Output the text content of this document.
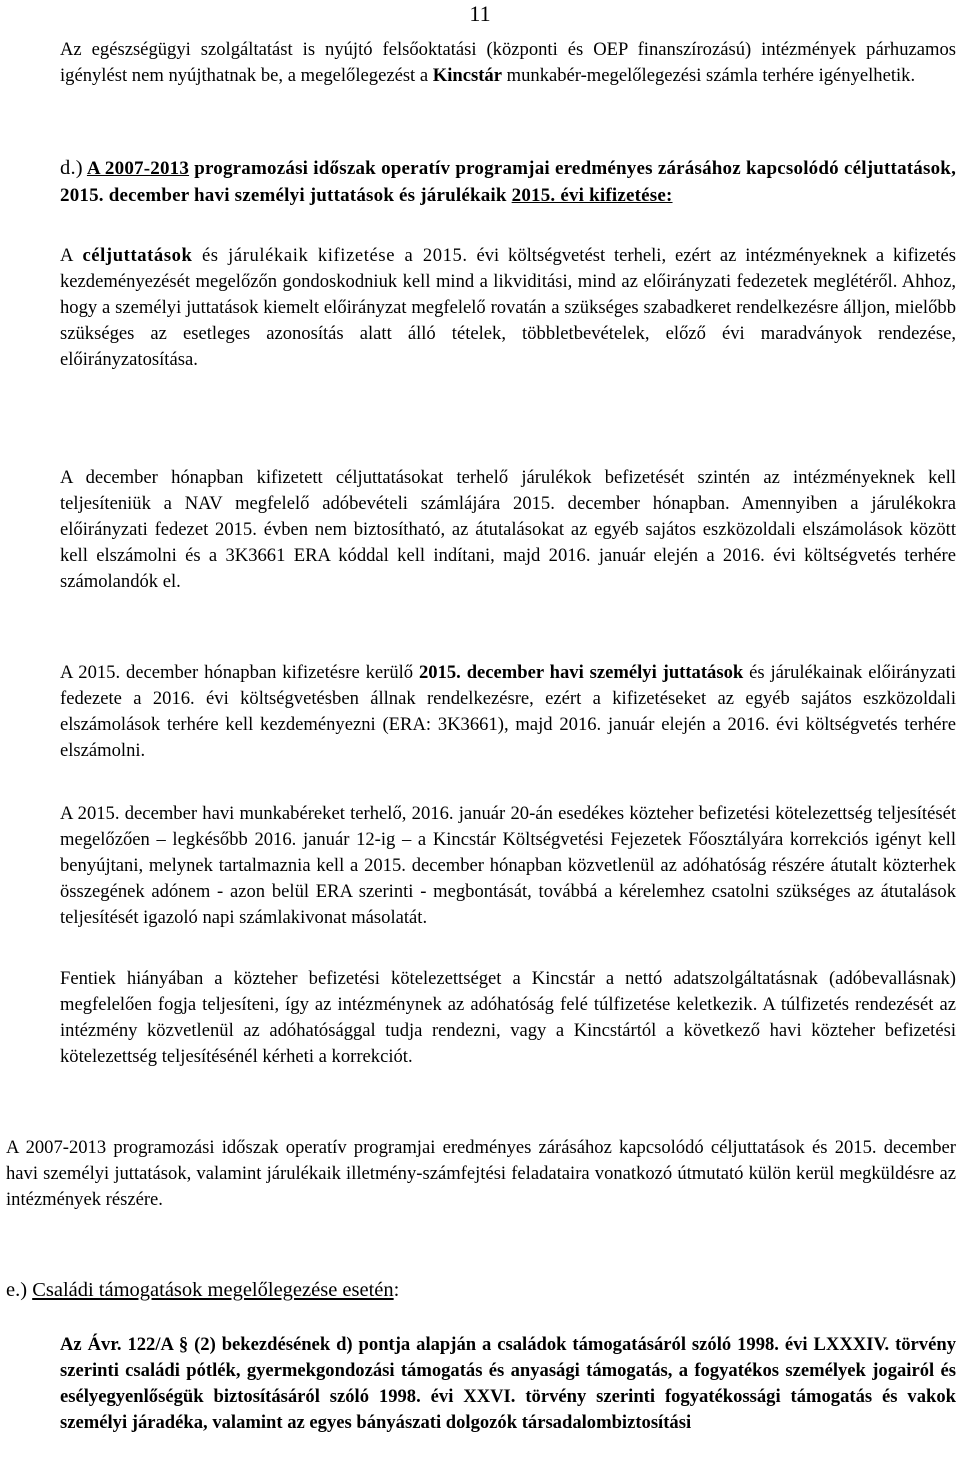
11

Az egészségügyi szolgáltatást is nyújtó felsőoktatási (központi és OEP finanszírozású) intézmények párhuzamos igénylést nem nyújthatnak be, a megelőlegezést a Kincstár munkabér-megelőlegezési számla terhére igényelhetik.

d.) A 2007-2013 programozási időszak operatív programjai eredményes zárásához kapcsolódó céljuttatások, 2015. december havi személyi juttatások és járulékaik 2015. évi kifizetése:

A céljuttatások és járulékaik kifizetése a 2015. évi költségvetést terheli, ezért az intézményeknek a kifizetés kezdeményezését megelőzőn gondoskodniuk kell mind a likviditási, mind az előirányzati fedezetek meglétéről. Ahhoz, hogy a személyi juttatások kiemelt előirányzat megfelelő rovatán a szükséges szabadkeret rendelkezésre álljon, mielőbb szükséges az esetleges azonosítás alatt álló tételek, többletbevételek, előző évi maradványok rendezése, előirányzatosítása.

A december hónapban kifizetett céljuttatásokat terhelő járulékok befizetését szintén az intézményeknek kell teljesíteniük a NAV megfelelő adóbevételi számlájára 2015. december hónapban. Amennyiben a járulékokra előirányzati fedezet 2015. évben nem biztosítható, az átutalásokat az egyéb sajátos eszközoldali elszámolások között kell elszámolni és a 3K3661 ERA kóddal kell indítani, majd 2016. január elején a 2016. évi költségvetés terhére számolandók el.

A 2015. december hónapban kifizetésre kerülő 2015. december havi személyi juttatások és járulékainak előirányzati fedezete a 2016. évi költségvetésben állnak rendelkezésre, ezért a kifizetéseket az egyéb sajátos eszközoldali elszámolások terhére kell kezdeményezni (ERA: 3K3661), majd 2016. január elején a 2016. évi költségvetés terhére elszámolni.

A 2015. december havi munkabéreket terhelő, 2016. január 20-án esedékes közteher befizetési kötelezettség teljesítését megelőzően – legkésőbb 2016. január 12-ig – a Kincstár Költségvetési Fejezetek Főosztályára korrekciós igényt kell benyújtani, melynek tartalmaznia kell a 2015. december hónapban közvetlenül az adóhatóság részére átutalt közterhek összegének adónem - azon belül ERA szerinti - megbontását, továbbá a kérelemhez csatolni szükséges az átutalások teljesítését igazoló napi számlakivonat másolatát.

Fentiek hiányában a közteher befizetési kötelezettséget a Kincstár a nettó adatszolgáltatásnak (adóbevallásnak) megfelelően fogja teljesíteni, így az intézménynek az adóhatóság felé túlfizetése keletkezik. A túlfizetés rendezését az intézmény közvetlenül az adóhatósággal tudja rendezni, vagy a Kincstártól a következő havi közteher befizetési kötelezettség teljesítésénél kérheti a korrekciót.

A 2007-2013 programozási időszak operatív programjai eredményes zárásához kapcsolódó céljuttatások és 2015. december havi személyi juttatások, valamint járulékaik illetmény-számfejtési feladataira vonatkozó útmutató külön kerül megküldésre az intézmények részére.

e.) Családi támogatások megelőlegezése esetén:

Az Ávr. 122/A § (2) bekezdésének d) pontja alapján a családok támogatásáról szóló 1998. évi LXXXIV. törvény szerinti családi pótlék, gyermekgondozási támogatás és anyasági támogatás, a fogyatékos személyek jogairól és esélyegyenlőségük biztosításáról szóló 1998. évi XXVI. törvény szerinti fogyatékossági támogatás és vakok személyi járadéka, valamint az egyes bányászati dolgozók társadalombiztosítási
